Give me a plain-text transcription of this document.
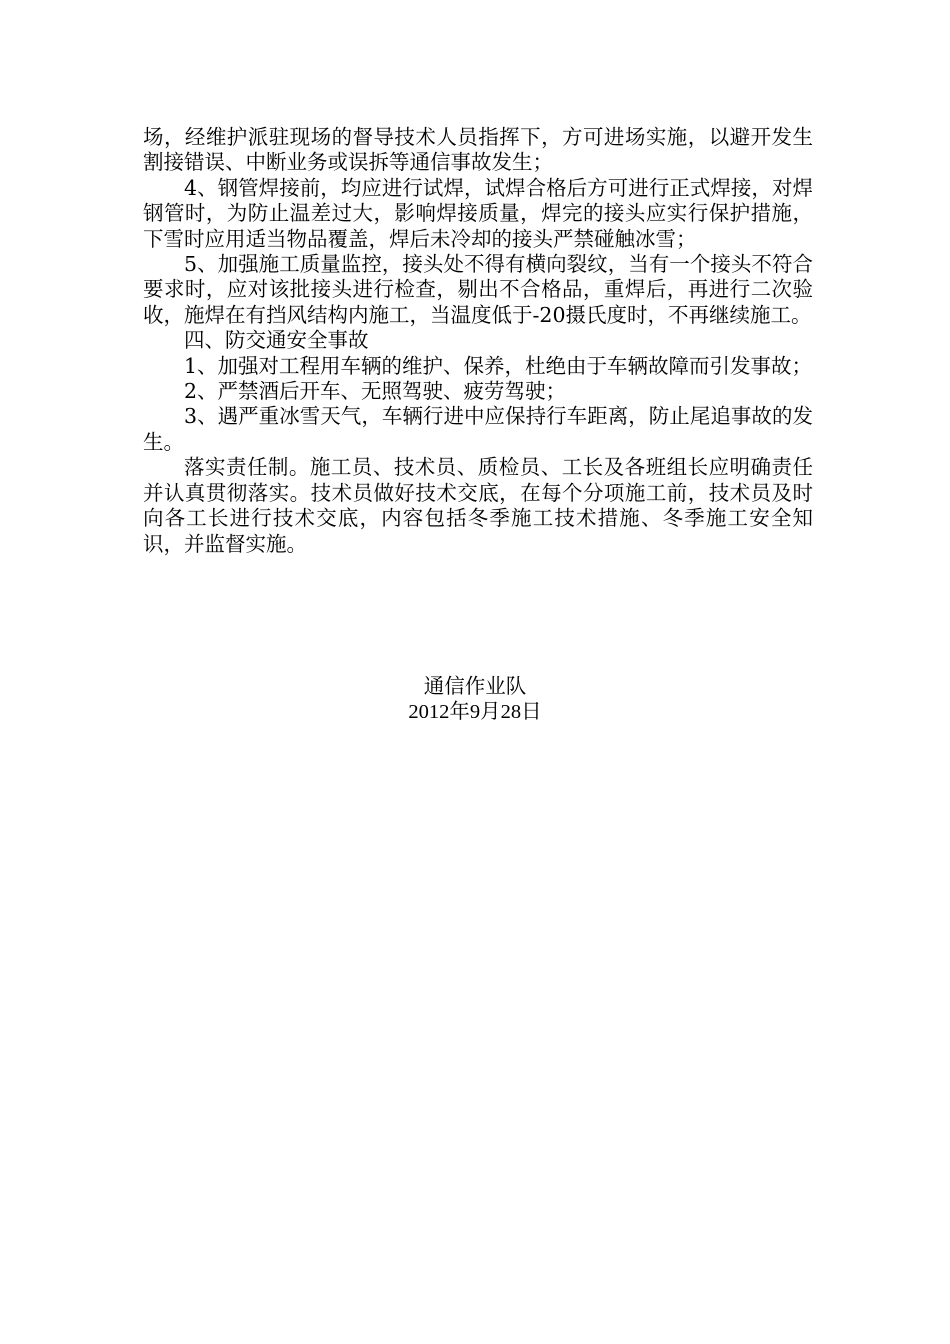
场，经维护派驻现场的督导技术人员指挥下，方可进场实施，以避开发生割接错误、中断业务或误拆等通信事故发生；

4、钢管焊接前，均应进行试焊，试焊合格后方可进行正式焊接，对焊钢管时，为防止温差过大，影响焊接质量，焊完的接头应实行保护措施，下雪时应用适当物品覆盖，焊后未冷却的接头严禁碰触冰雪；

5、加强施工质量监控，接头处不得有横向裂纹，当有一个接头不符合要求时，应对该批接头进行检查，剔出不合格品，重焊后，再进行二次验收，施焊在有挡风结构内施工，当温度低于-20摄氏度时，不再继续施工。

四、防交通安全事故

1、加强对工程用车辆的维护、保养，杜绝由于车辆故障而引发事故；

2、严禁酒后开车、无照驾驶、疲劳驾驶；

3、遇严重冰雪天气，车辆行进中应保持行车距离，防止尾追事故的发生。

落实责任制。施工员、技术员、质检员、工长及各班组长应明确责任并认真贯彻落实。技术员做好技术交底，在每个分项施工前，技术员及时向各工长进行技术交底，内容包括冬季施工技术措施、冬季施工安全知识，并监督实施。

通信作业队
2012年9月28日
